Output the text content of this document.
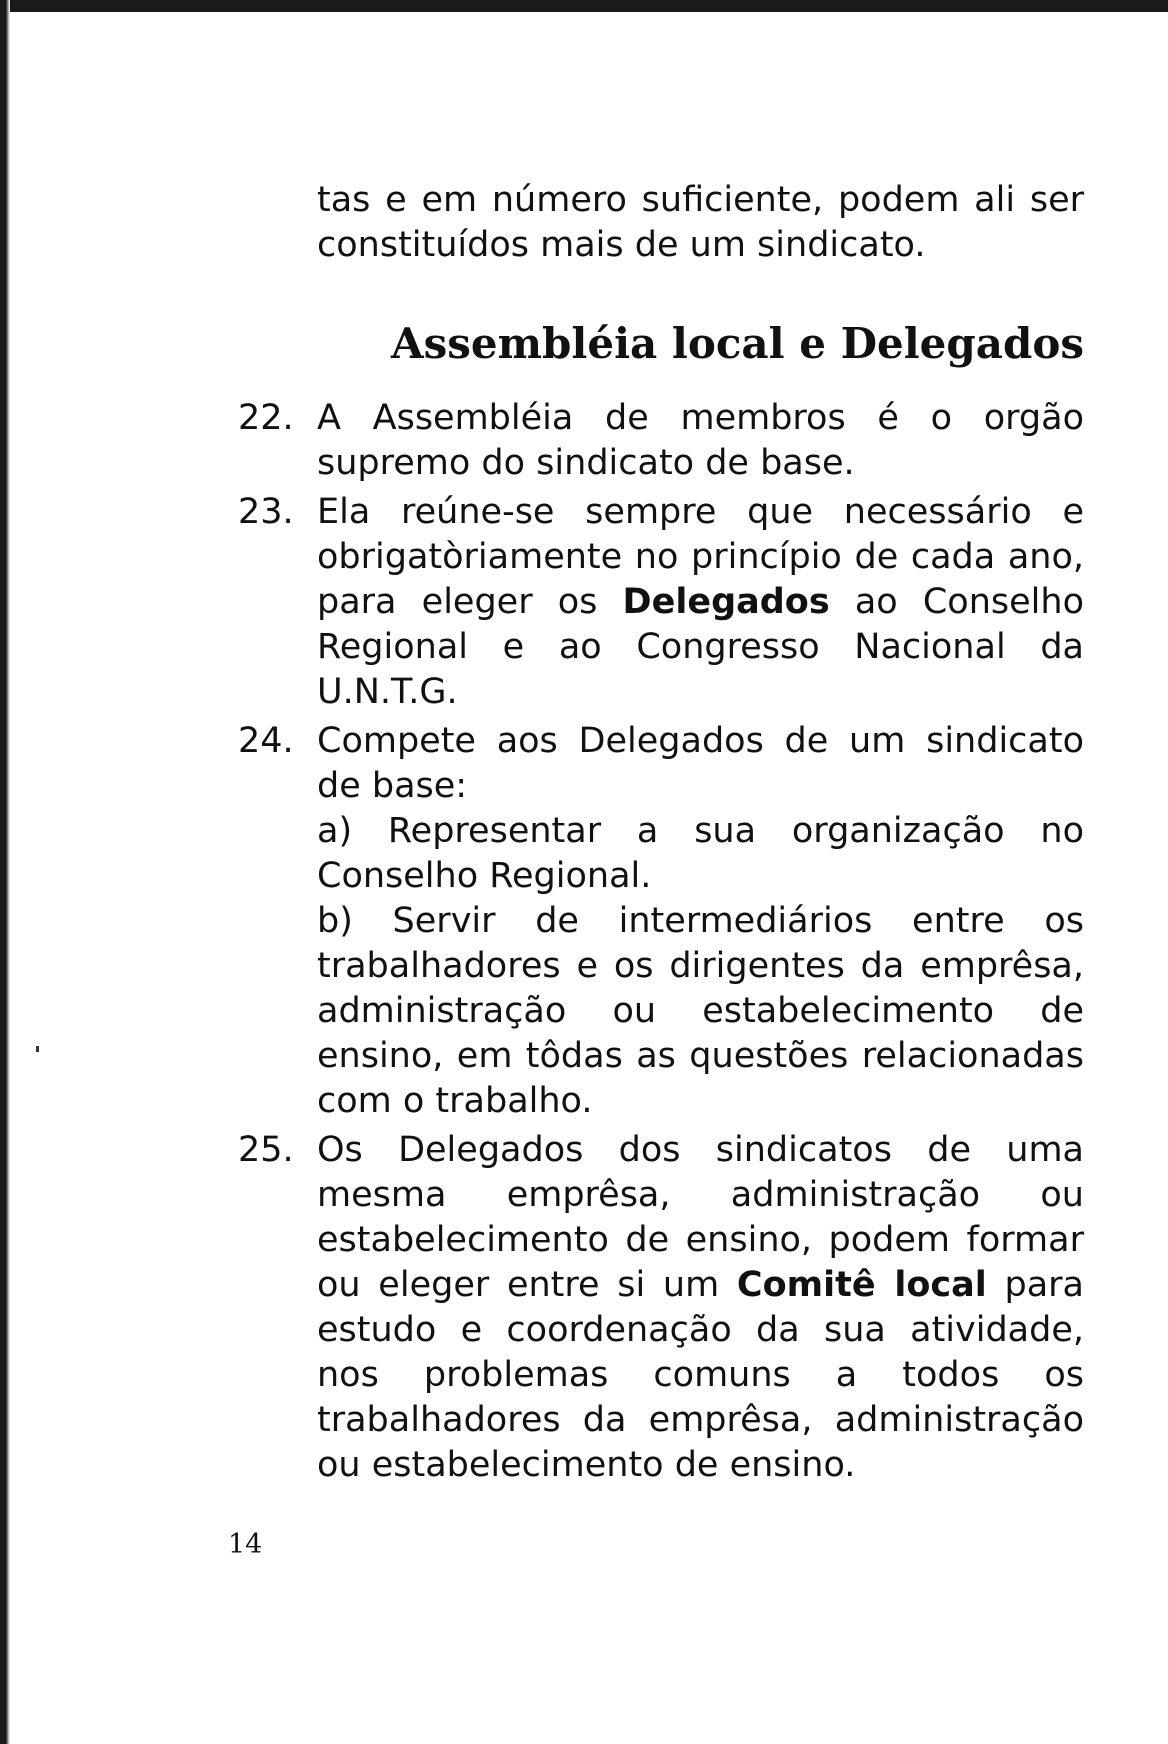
tas e em número suficiente, podem ali ser constituídos mais de um sindicato.
Assembléia local e Delegados
22. A Assembléia de membros é o orgão supremo do sindicato de base.
23. Ela reúne-se sempre que necessário e obrigatòriamente no princípio de cada ano, para eleger os Delegados ao Conselho Regional e ao Congresso Nacional da U.N.T.G.
24. Compete aos Delegados de um sindicato de base:
a) Representar a sua organização no Conselho Regional.
b) Servir de intermediários entre os trabalhadores e os dirigentes da emprêsa, administração ou estabelecimento de ensino, em tôdas as questões relacionadas com o trabalho.
25. Os Delegados dos sindicatos de uma mesma emprêsa, administração ou estabelecimento de ensino, podem formar ou eleger entre si um Comitê local para estudo e coordenação da sua atividade, nos problemas comuns a todos os trabalhadores da emprêsa, administração ou estabelecimento de ensino.
14
